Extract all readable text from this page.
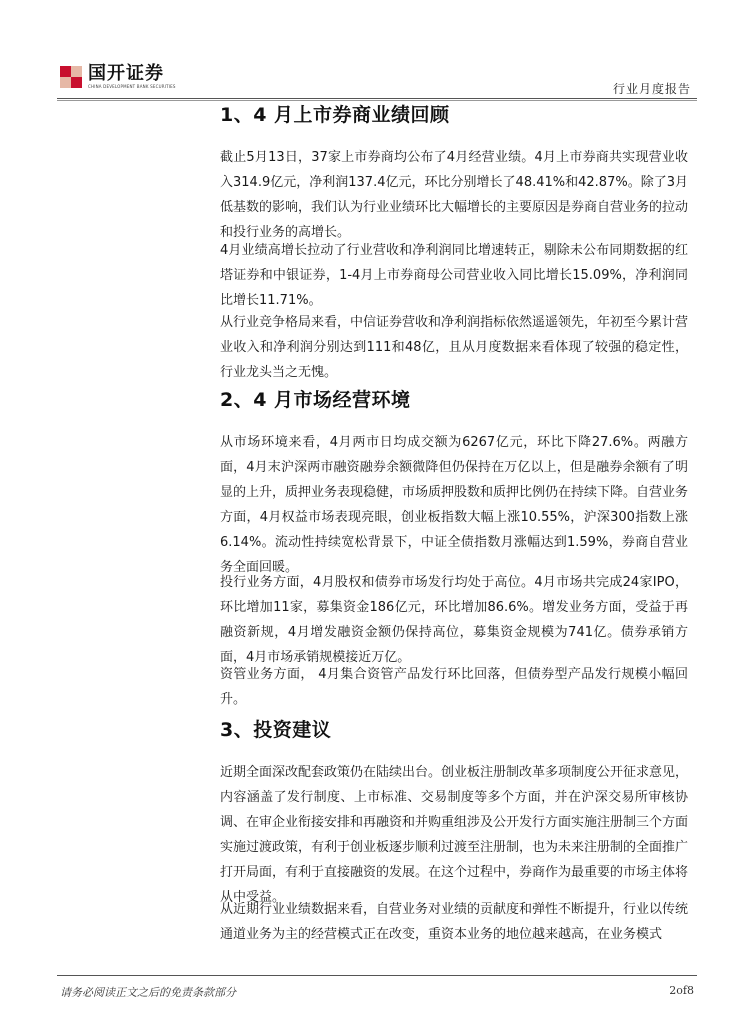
国开证券
CHINA DEVELOPMENT BANK SECURITIES	行业月度报告
1、4 月上市券商业绩回顾
截止5月13日，37家上市券商均公布了4月经营业绩。4月上市券商共实现营业收入314.9亿元，净利润137.4亿元，环比分别增长了48.41%和42.87%。除了3月低基数的影响，我们认为行业业绩环比大幅增长的主要原因是券商自营业务的拉动和投行业务的高增长。
4月业绩高增长拉动了行业营收和净利润同比增速转正，剔除未公布同期数据的红塔证券和中银证券，1-4月上市券商母公司营业收入同比增长15.09%，净利润同比增长11.71%。
从行业竞争格局来看，中信证券营收和净利润指标依然遥遥领先，年初至今累计营业收入和净利润分别达到111和48亿，且从月度数据来看体现了较强的稳定性，行业龙头当之无愧。
2、4 月市场经营环境
从市场环境来看，4月两市日均成交额为6267亿元，环比下降27.6%。两融方面，4月末沪深两市融资融券余额微降但仍保持在万亿以上，但是融券余额有了明显的上升，质押业务表现稳健，市场质押股数和质押比例仍在持续下降。自营业务方面，4月权益市场表现亮眼，创业板指数大幅上涨10.55%，沪深300指数上涨6.14%。流动性持续宽松背景下，中证全债指数月涨幅达到1.59%，券商自营业务全面回暖。
投行业务方面，4月股权和债券市场发行均处于高位。4月市场共完成24家IPO，环比增加11家，募集资金186亿元，环比增加86.6%。增发业务方面，受益于再融资新规，4月增发融资金额仍保持高位，募集资金规模为741亿。债券承销方面，4月市场承销规模接近万亿。
资管业务方面， 4月集合资管产品发行环比回落，但债券型产品发行规模小幅回升。
3、投资建议
近期全面深改配套政策仍在陆续出台。创业板注册制改革多项制度公开征求意见，内容涵盖了发行制度、上市标准、交易制度等多个方面，并在沪深交易所审核协调、在审企业衔接安排和再融资和并购重组涉及公开发行方面实施注册制三个方面实施过渡政策，有利于创业板逐步顺利过渡至注册制，也为未来注册制的全面推广打开局面，有利于直接融资的发展。在这个过程中，券商作为最重要的市场主体将从中受益。
从近期行业业绩数据来看，自营业务对业绩的贡献度和弹性不断提升，行业以传统通道业务为主的经营模式正在改变，重资本业务的地位越来越高，在业务模式
请务必阅读正文之后的免责条款部分	2of8
